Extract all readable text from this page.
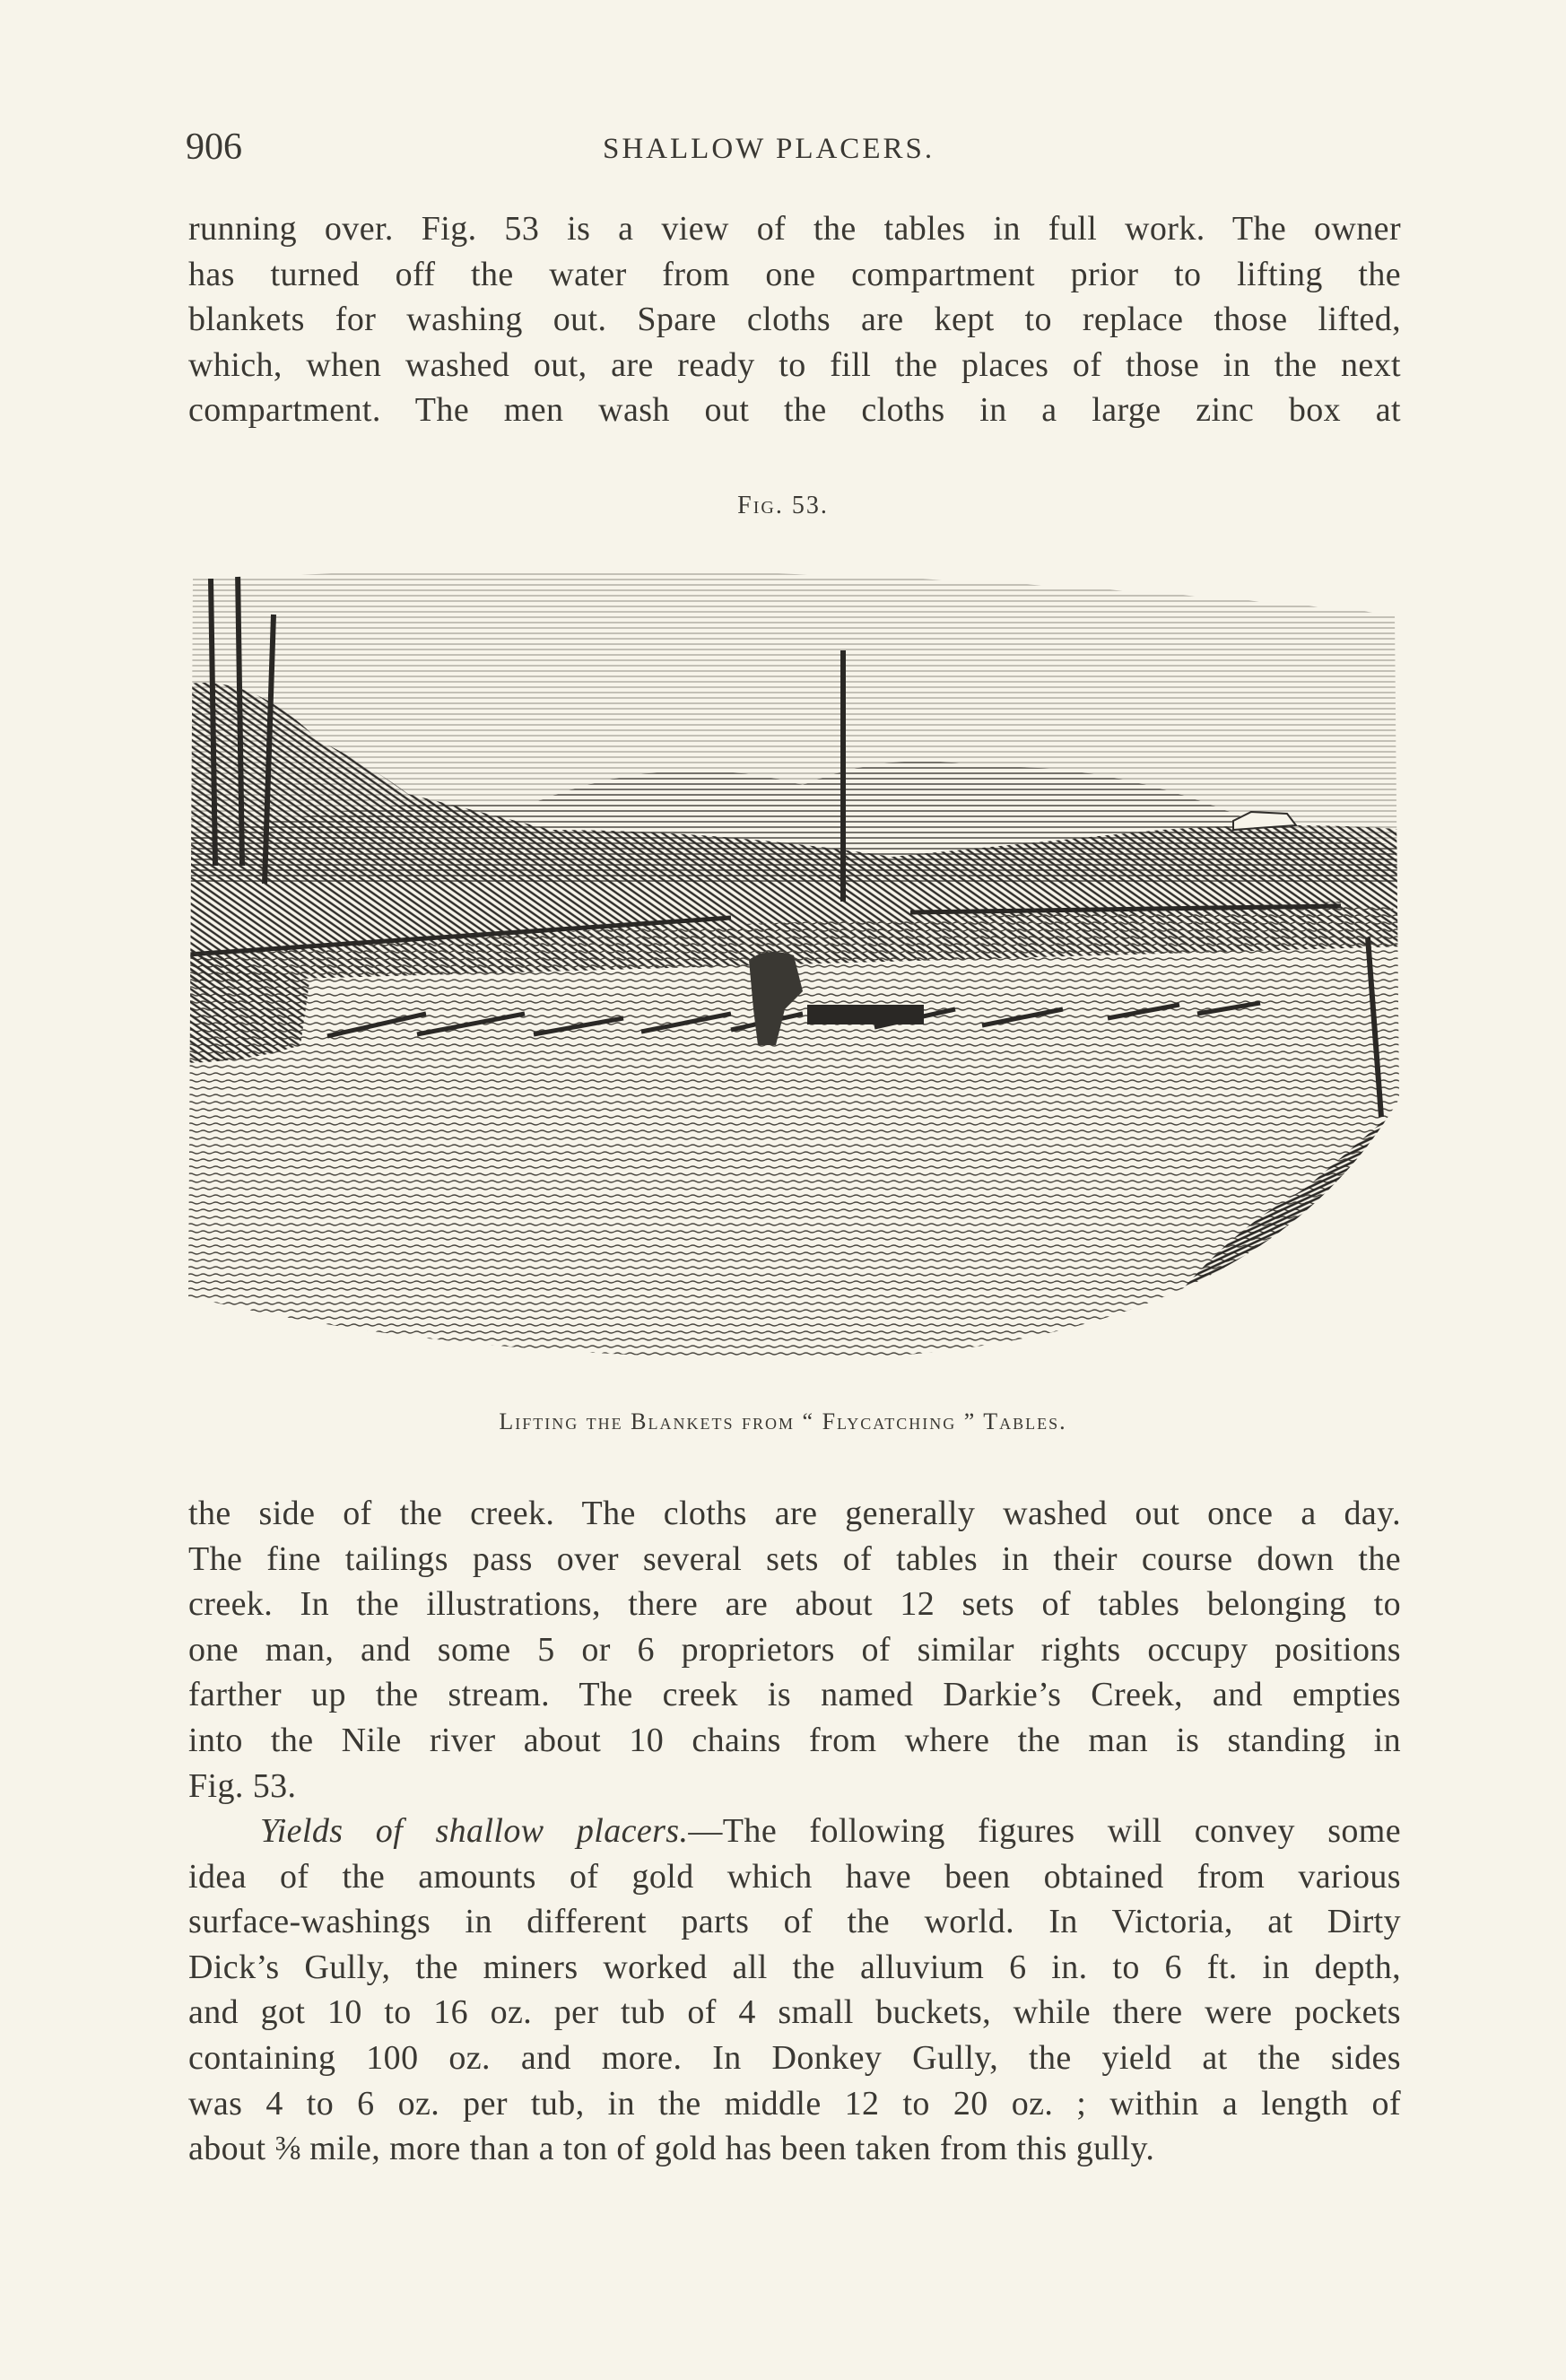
906	SHALLOW PLACERS.
running over. Fig. 53 is a view of the tables in full work. The owner
has turned off the water from one compartment prior to lifting the
blankets for washing out. Spare cloths are kept to replace those lifted,
which, when washed out, are ready to fill the places of those in the next
compartment. The men wash out the cloths in a large zinc box at
Fig. 53.
Lifting the Blankets from “ Flycatching ” Tables.
the side of the creek. The cloths are generally washed out once a day.
The fine tailings pass over several sets of tables in their course down the
creek. In the illustrations, there are about 12 sets of tables belonging to
one man, and some 5 or 6 proprietors of similar rights occupy positions
farther up the stream. The creek is named Darkie’s Creek, and empties
into the Nile river about 10 chains from where the man is standing in
Fig. 53.
Yields of shallow placers.—The following figures will convey some
idea of the amounts of gold which have been obtained from various
surface-washings in different parts of the world. In Victoria, at Dirty
Dick’s Gully, the miners worked all the alluvium 6 in. to 6 ft. in depth,
and got 10 to 16 oz. per tub of 4 small buckets, while there were pockets
containing 100 oz. and more. In Donkey Gully, the yield at the sides
was 4 to 6 oz. per tub, in the middle 12 to 20 oz. ; within a length of
about ⅜ mile, more than a ton of gold has been taken from this gully.
